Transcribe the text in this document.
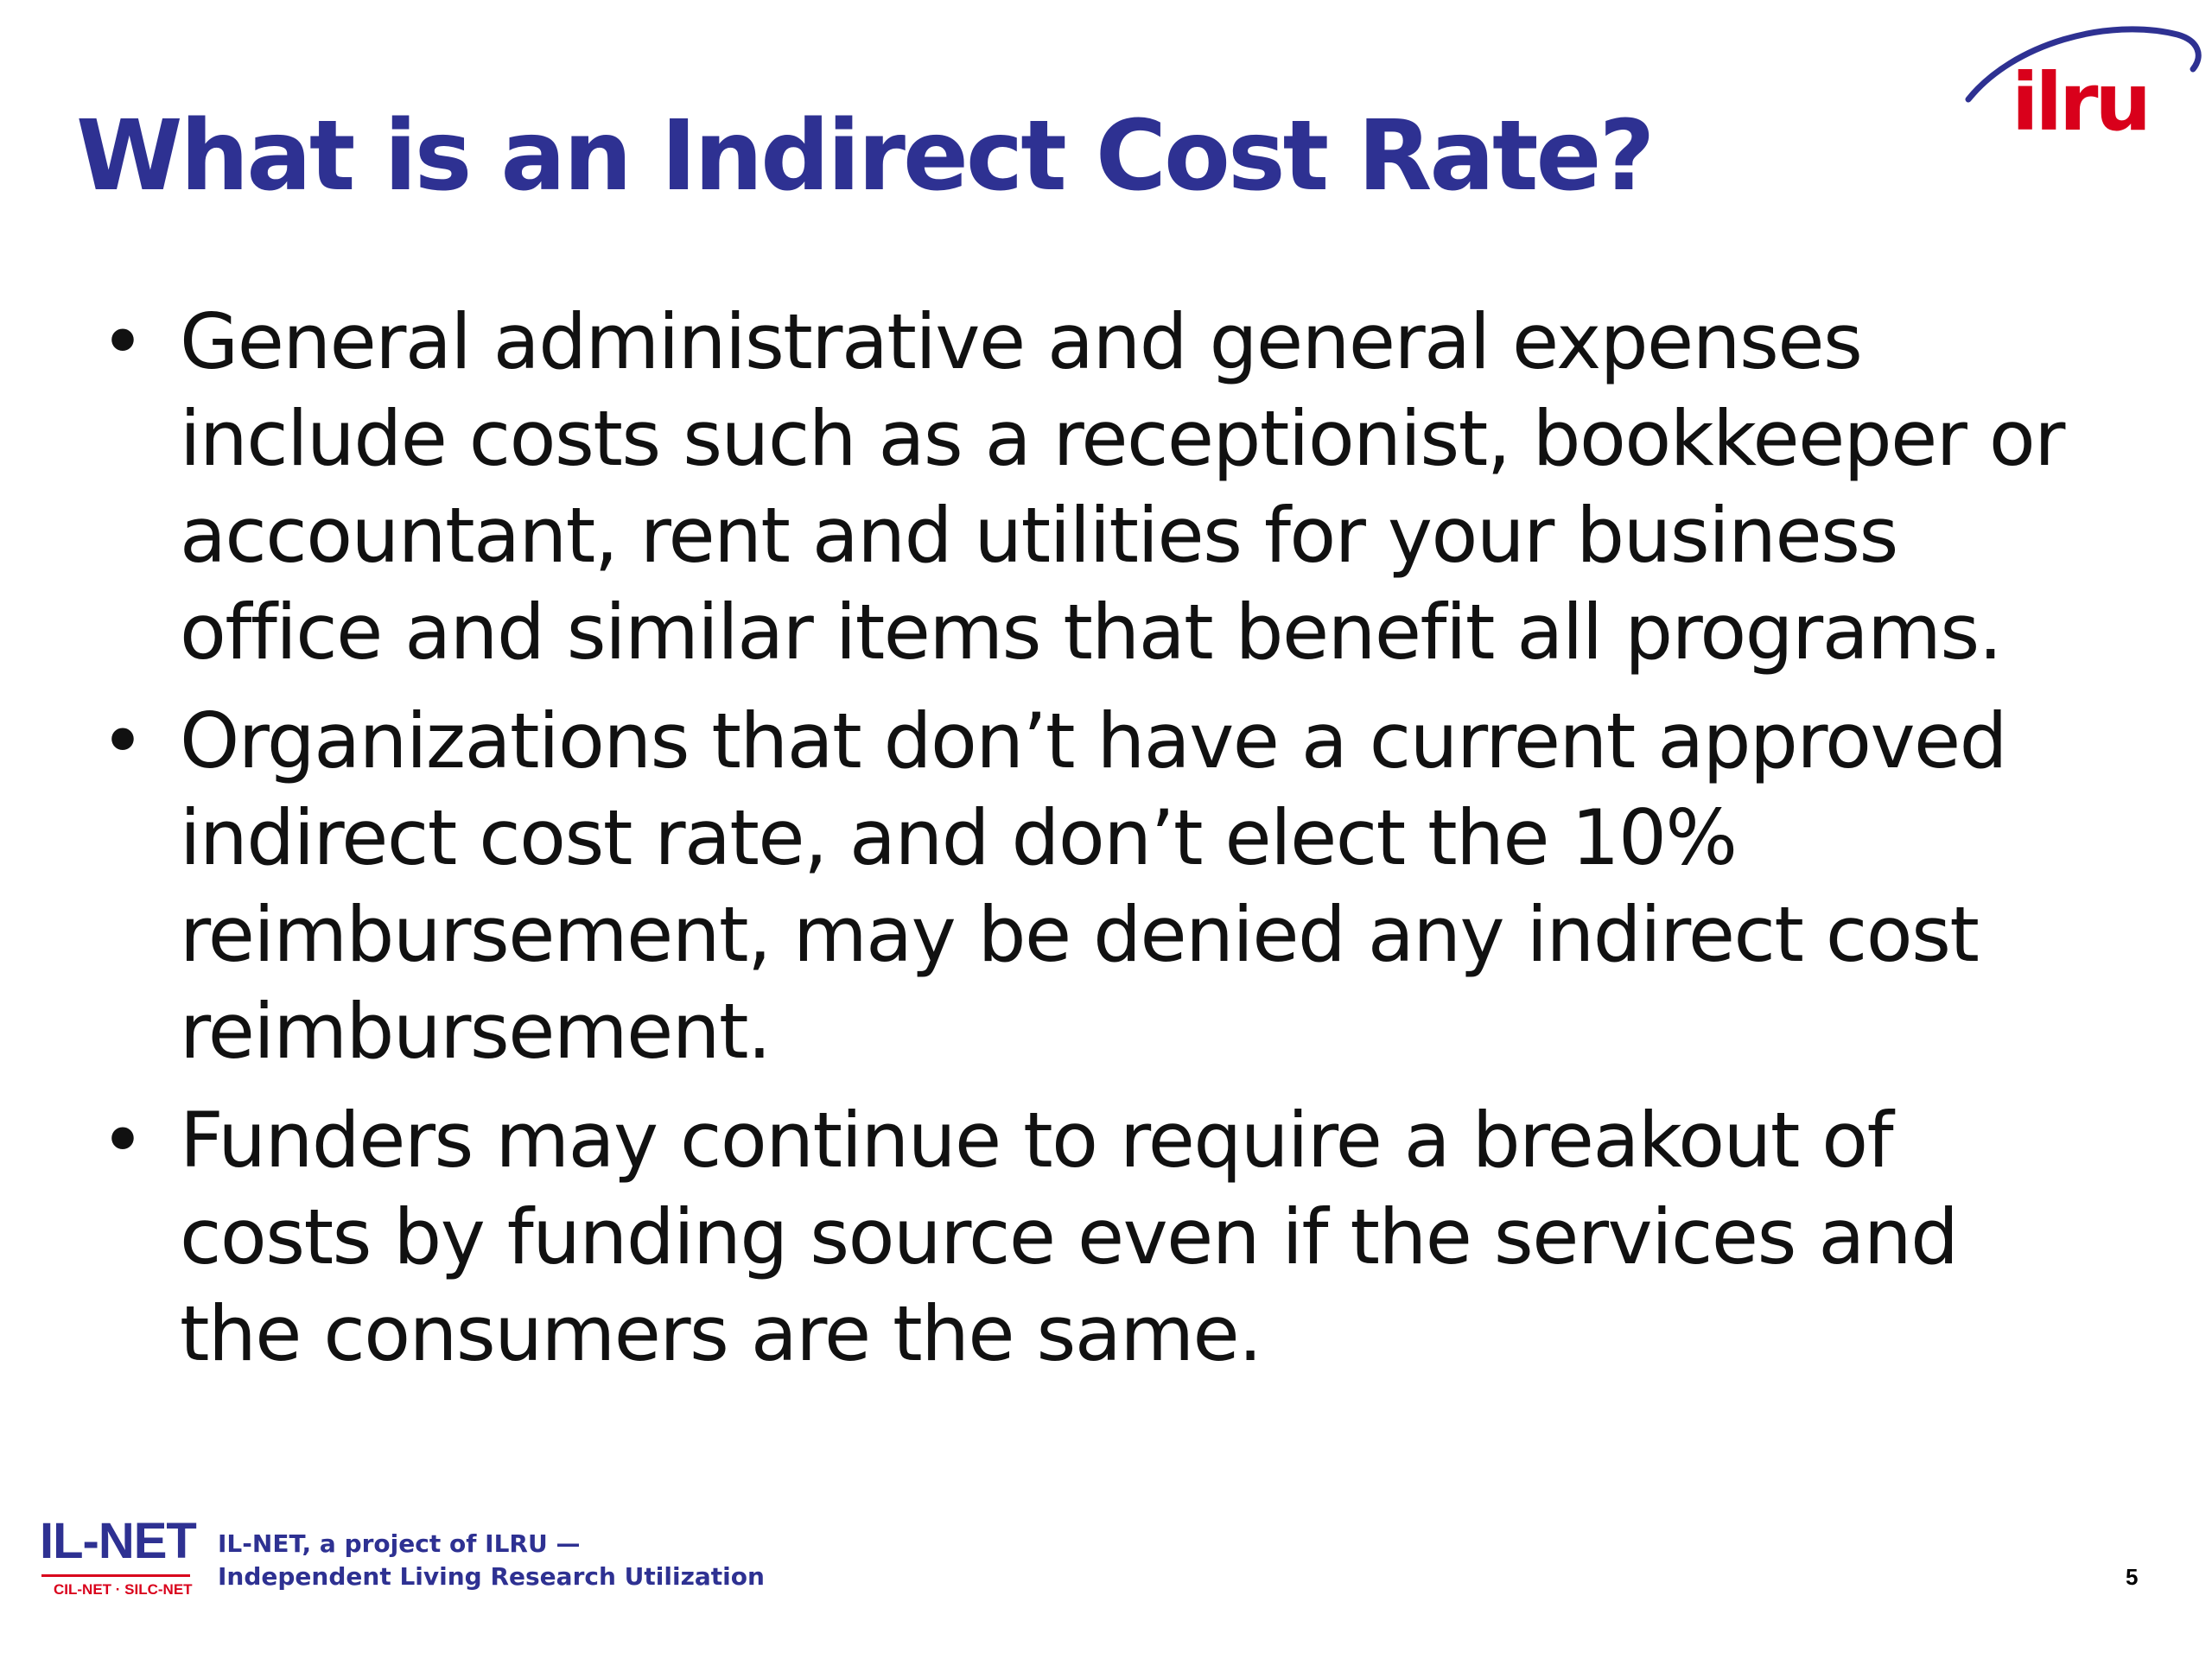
ilru
What is an Indirect Cost Rate?
• General administrative and general expenses include costs such as a receptionist, bookkeeper or accountant, rent and utilities for your business office and similar items that benefit all programs.
• Organizations that don’t have a current approved indirect cost rate, and don’t elect the 10% reimbursement, may be denied any indirect cost reimbursement.
• Funders may continue to require a breakout of costs by funding source even if the services and the consumers are the same.
IL-NET
CIL-NET · SILC-NET
IL-NET, a project of ILRU —
Independent Living Research Utilization	5
